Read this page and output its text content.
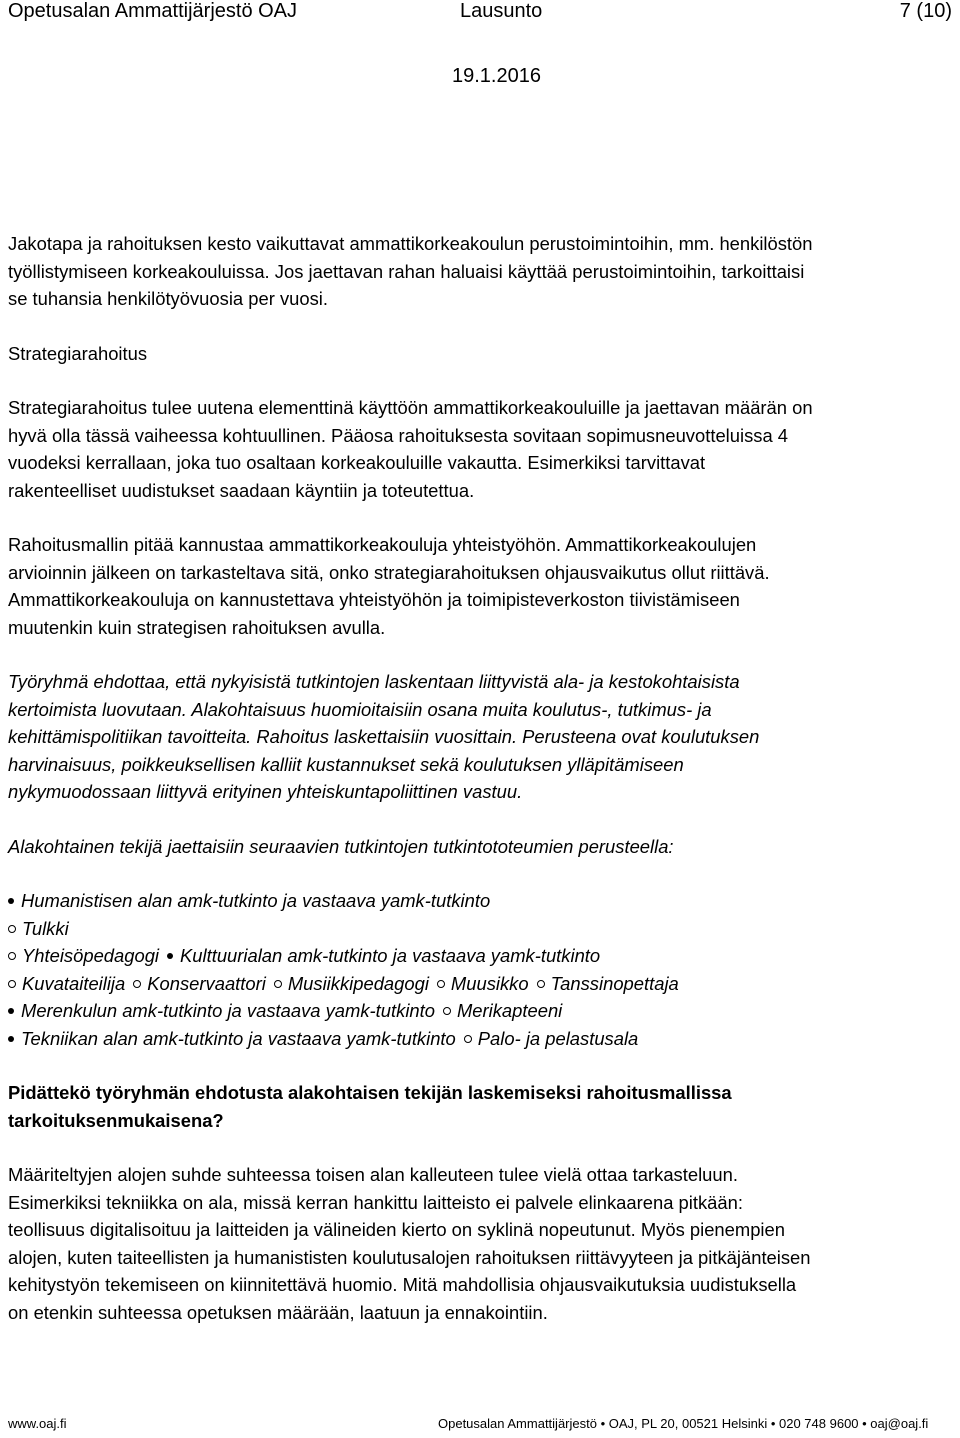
Opetusalan Ammattijärjestö OAJ	Lausunto	7 (10)
19.1.2016

Jakotapa ja rahoituksen kesto vaikuttavat ammattikorkeakoulun perustoimintoihin, mm. henkilöstön
työllistymiseen korkeakouluissa. Jos jaettavan rahan haluaisi käyttää perustoimintoihin, tarkoittaisi
se tuhansia henkilötyövuosia per vuosi.

Strategiarahoitus

Strategiarahoitus tulee uutena elementtinä käyttöön ammattikorkeakouluille ja jaettavan määrän on
hyvä olla tässä vaiheessa kohtuullinen. Pääosa rahoituksesta sovitaan sopimusneuvotteluissa 4
vuodeksi kerrallaan, joka tuo osaltaan korkeakouluille vakautta. Esimerkiksi tarvittavat
rakenteelliset uudistukset saadaan käyntiin ja toteutettua.

Rahoitusmallin pitää kannustaa ammattikorkeakouluja yhteistyöhön. Ammattikorkeakoulujen
arvioinnin jälkeen on tarkasteltava sitä, onko strategiarahoituksen ohjausvaikutus ollut riittävä.
Ammattikorkeakouluja on kannustettava yhteistyöhön ja toimipisteverkoston tiivistämiseen
muutenkin kuin strategisen rahoituksen avulla.

Työryhmä ehdottaa, että nykyisistä tutkintojen laskentaan liittyvistä ala- ja kestokohtaisista
kertoimista luovutaan. Alakohtaisuus huomioitaisiin osana muita koulutus-, tutkimus- ja
kehittämispolitiikan tavoitteita. Rahoitus laskettaisiin vuosittain. Perusteena ovat koulutuksen
harvinaisuus, poikkeuksellisen kalliit kustannukset sekä koulutuksen ylläpitämiseen
nykymuodossaan liittyvä erityinen yhteiskuntapoliittinen vastuu.

Alakohtainen tekijä jaettaisiin seuraavien tutkintojen tutkintototeumien perusteella:

Humanistisen alan amk-tutkinto ja vastaava yamk-tutkinto
Tulkki
Yhteisöpedagogi Kulttuurialan amk-tutkinto ja vastaava yamk-tutkinto
Kuvataiteilija Konservaattori Musiikkipedagogi Muusikko Tanssinopettaja
Merenkulun amk-tutkinto ja vastaava yamk-tutkinto Merikapteeni
Tekniikan alan amk-tutkinto ja vastaava yamk-tutkinto Palo- ja pelastusala

Pidättekö työryhmän ehdotusta alakohtaisen tekijän laskemiseksi rahoitusmallissa
tarkoituksenmukaisena?

Määriteltyjen alojen suhde suhteessa toisen alan kalleuteen tulee vielä ottaa tarkasteluun.
Esimerkiksi tekniikka on ala, missä kerran hankittu laitteisto ei palvele elinkaarena pitkään:
teollisuus digitalisoituu ja laitteiden ja välineiden kierto on syklinä nopeutunut. Myös pienempien
alojen, kuten taiteellisten ja humanististen koulutusalojen rahoituksen riittävyyteen ja pitkäjänteisen
kehitystyön tekemiseen on kiinnitettävä huomio. Mitä mahdollisia ohjausvaikutuksia uudistuksella
on etenkin suhteessa opetuksen määrään, laatuun ja ennakointiin.

www.oaj.fi	Opetusalan Ammattijärjestö • OAJ, PL 20, 00521 Helsinki • 020 748 9600 • oaj@oaj.fi
